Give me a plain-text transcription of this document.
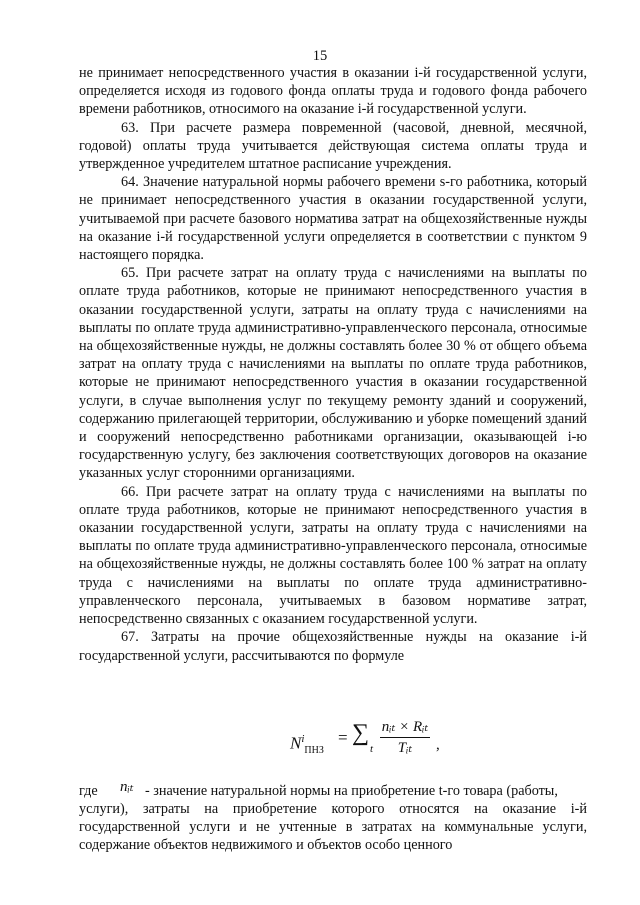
15

не принимает непосредственного участия в оказании i-й государственной услуги, определяется исходя из годового фонда оплаты труда и годового фонда рабочего времени работников, относимого на оказание i-й государственной услуги.

63. При расчете размера повременной (часовой, дневной, месячной, годовой) оплаты труда учитывается действующая система оплаты труда и утвержденное учредителем штатное расписание учреждения.

64. Значение натуральной нормы рабочего времени s-го работника, который не принимает непосредственного участия в оказании государственной услуги, учитываемой при расчете базового норматива затрат на общехозяйственные нужды на оказание i-й государственной услуги определяется в соответствии с пунктом 9 настоящего порядка.

65. При расчете затрат на оплату труда с начислениями на выплаты по оплате труда работников, которые не принимают непосредственного участия в оказании государственной услуги, затраты на оплату труда с начислениями на выплаты по оплате труда административно-управленческого персонала, относимые на общехозяйственные нужды, не должны составлять более 30 % от общего объема затрат на оплату труда с начислениями на выплаты по оплате труда работников, которые не принимают непосредственного участия в оказании государственной услуги, в случае выполнения услуг по текущему ремонту зданий и сооружений, содержанию прилегающей территории, обслуживанию и уборке помещений зданий и сооружений непосредственно работниками организации, оказывающей i-ю государственную услугу, без заключения соответствующих договоров на оказание указанных услуг сторонними организациями.

66. При расчете затрат на оплату труда с начислениями на выплаты по оплате труда работников, которые не принимают непосредственного участия в оказании государственной услуги, затраты на оплату труда с начислениями на выплаты по оплате труда административно-управленческого персонала, относимые на общехозяйственные нужды, не должны составлять более 100 % затрат на оплату труда с начислениями на выплаты по оплате труда административно-управленческого персонала, учитываемых в базовом нормативе затрат, непосредственно связанных с оказанием государственной услуги.

67. Затраты на прочие общехозяйственные нужды на оказание i-й государственной услуги, рассчитываются по формуле

$N^i_{ПНЗ}$
= ∑
t
nᵢₜ × Rᵢₜ
Tᵢₜ	,
где nᵢₜ - значение натуральной нормы на приобретение t-го товара (работы,

услуги), затраты на приобретение которого относятся на оказание i-й государственной услуги и не учтенные в затратах на коммунальные услуги, содержание объектов недвижимого и объектов особо ценного
